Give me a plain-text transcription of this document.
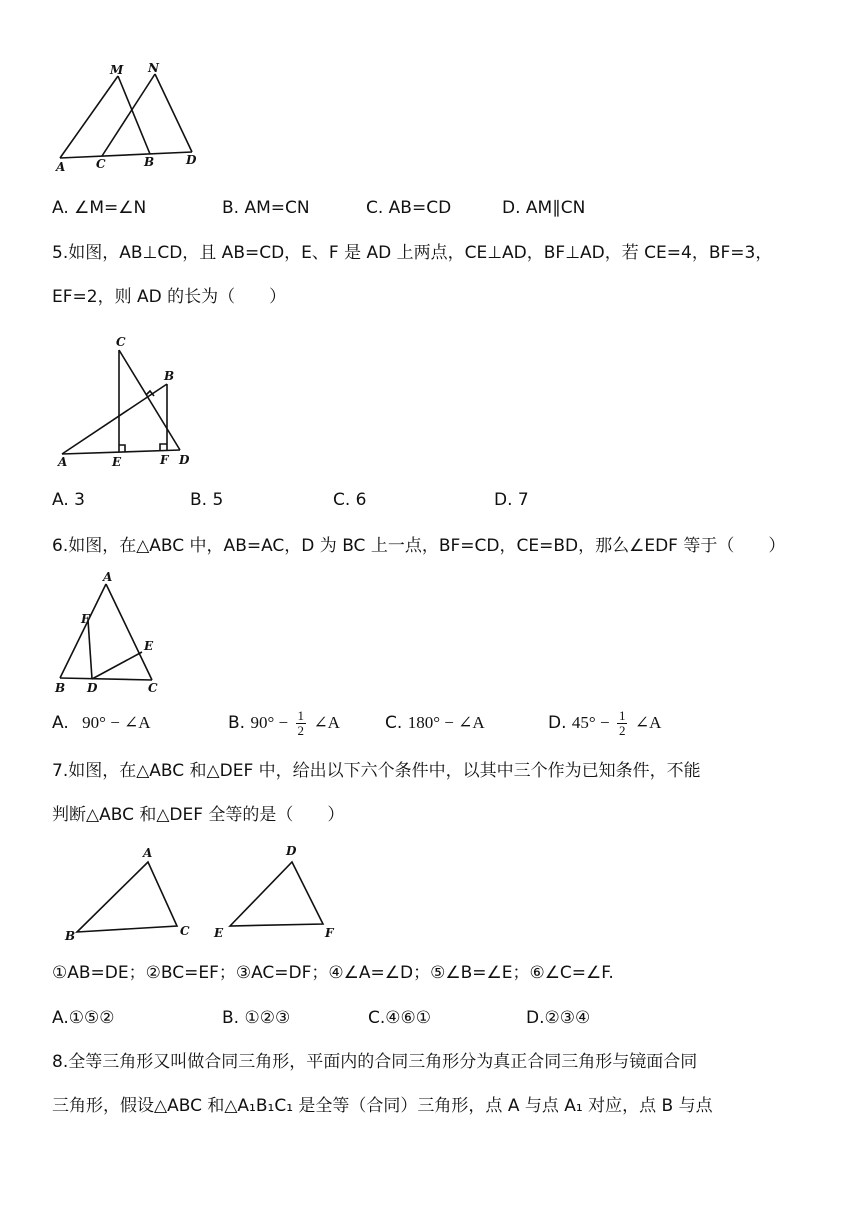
M N
A	C	B	D
A. ∠M=∠N	B. AM=CN	C. AB=CD	D. AM∥CN
5.如图，AB⊥CD，且 AB=CD，E、F 是 AD 上两点，CE⊥AD，BF⊥AD，若 CE=4，BF=3，
EF=2，则 AD 的长为（　　）
C
B
A	E	F D
A. 3	B. 5	C. 6	D. 7
6.如图，在△ABC 中，AB=AC，D 为 BC 上一点，BF=CD，CE=BD，那么∠EDF 等于（　　）
A
F
E
B D	C
A. 90° − ∠A	B. $90^\circ - \frac{1}{2}$ ∠A	C. 180° − ∠A	D. $45^\circ - \frac{1}{2}$ ∠A
7.如图，在△ABC 和△DEF 中，给出以下六个条件中，以其中三个作为已知条件，不能
判断△ABC 和△DEF 全等的是（　　）
A
B	C
D
E	F
①AB=DE；②BC=EF；③AC=DF；④∠A=∠D；⑤∠B=∠E；⑥∠C=∠F.
A.①⑤②	B. ①②③	C.④⑥①	D.②③④
8.全等三角形又叫做合同三角形，平面内的合同三角形分为真正合同三角形与镜面合同
三角形，假设△ABC 和△A₁B₁C₁ 是全等（合同）三角形，点 A 与点 A₁ 对应，点 B 与点
